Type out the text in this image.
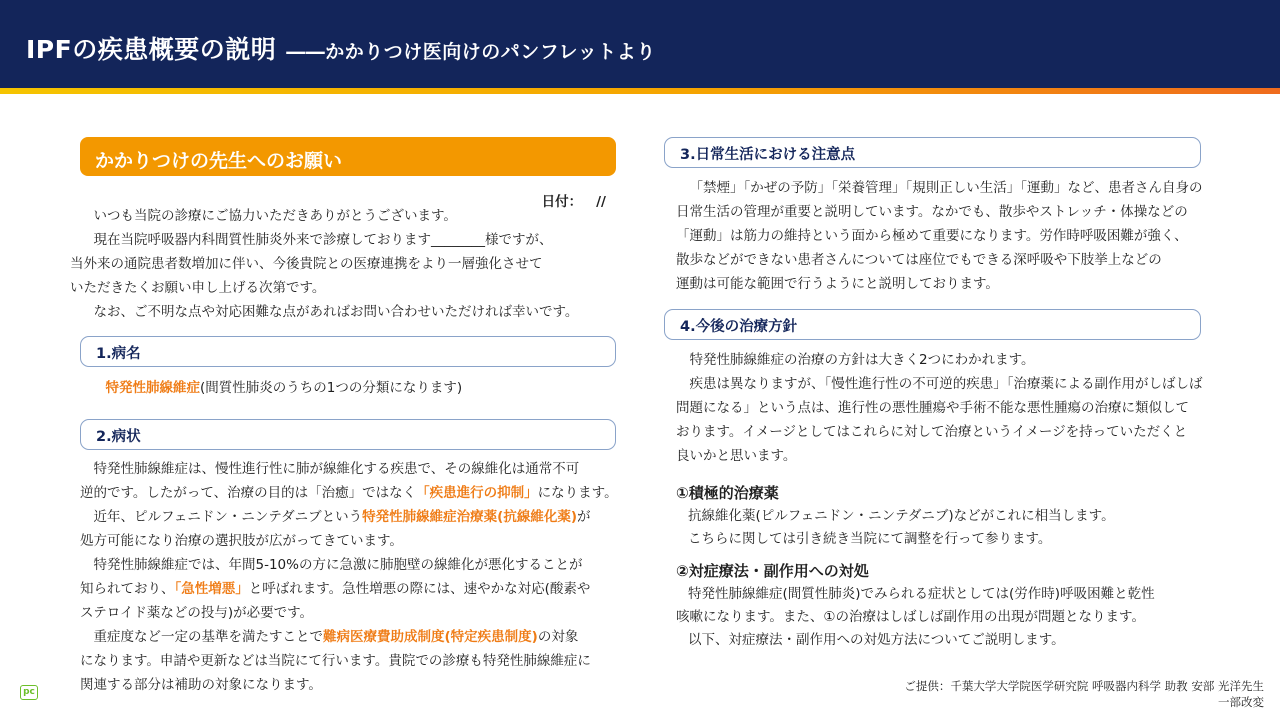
IPFの疾患概要の説明 ――かかりつけ医向けのパンフレットより
かかりつけの先生へのお願い
日付： //
いつも当院の診療にご協力いただきありがとうございます。
現在当院呼吸器内科間質性肺炎外来で診療しております________様ですが、
当外来の通院患者数増加に伴い、今後貴院との医療連携をより一層強化させて
いただきたくお願い申し上げる次第です。
なお、ご不明な点や対応困難な点があればお問い合わせいただければ幸いです。
1.病名
特発性肺線維症(間質性肺炎のうちの1つの分類になります)
2.病状
特発性肺線維症は、慢性進行性に肺が線維化する疾患で、その線維化は通常不可
逆的です。したがって、治療の目的は「治癒」ではなく「疾患進行の抑制」になります。
近年、ピルフェニドン・ニンテダニブという特発性肺線維症治療薬(抗線維化薬)が
処方可能になり治療の選択肢が広がってきています。
特発性肺線維症では、年間5-10%の方に急激に肺胞壁の線維化が悪化することが
知られており、「急性増悪」と呼ばれます。急性増悪の際には、速やかな対応(酸素や
ステロイド薬などの投与)が必要です。
重症度など一定の基準を満たすことで難病医療費助成制度(特定疾患制度)の対象
になります。申請や更新などは当院にて行います。貴院での診療も特発性肺線維症に
関連する部分は補助の対象になります。
3.日常生活における注意点
「禁煙」「かぜの予防」「栄養管理」「規則正しい生活」「運動」など、患者さん自身の
日常生活の管理が重要と説明しています。なかでも、散歩やストレッチ・体操などの
「運動」は筋力の維持という面から極めて重要になります。労作時呼吸困難が強く、
散歩などができない患者さんについては座位でもできる深呼吸や下肢挙上などの
運動は可能な範囲で行うようにと説明しております。
4.今後の治療方針
特発性肺線維症の治療の方針は大きく2つにわかれます。
疾患は異なりますが、「慢性進行性の不可逆的疾患」「治療薬による副作用がしばしば
問題になる」という点は、進行性の悪性腫瘍や手術不能な悪性腫瘍の治療に類似して
おります。イメージとしてはこれらに対して治療というイメージを持っていただくと
良いかと思います。
①積極的治療薬
抗線維化薬(ピルフェニドン・ニンテダニブ)などがこれに相当します。
こちらに関しては引き続き当院にて調整を行って参ります。
②対症療法・副作用への対処
特発性肺線維症(間質性肺炎)でみられる症状としては(労作時)呼吸困難と乾性
咳嗽になります。また、①の治療はしばしば副作用の出現が問題となります。
以下、対症療法・副作用への対処方法についてご説明します。
pc	ご提供：千葉大学大学院医学研究院 呼吸器内科学 助教 安部 光洋先生
一部改変
